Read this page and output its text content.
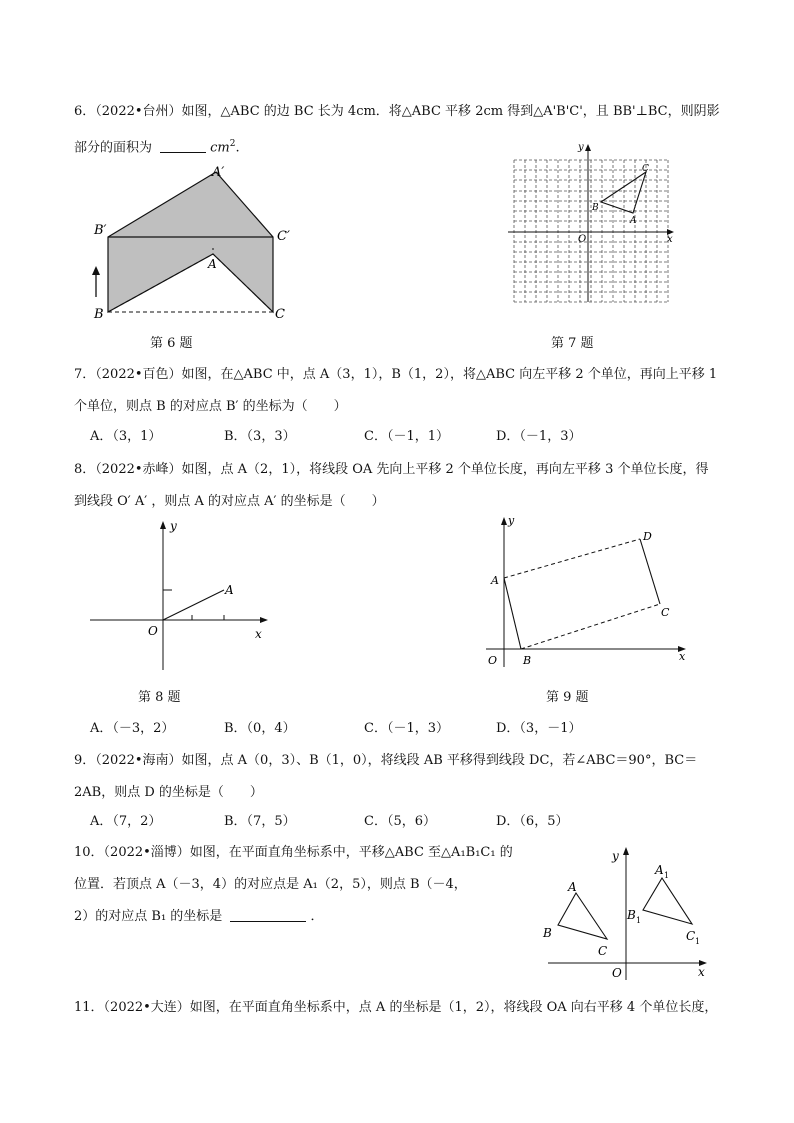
6．（2022•台州）如图，△ABC 的边 BC 长为 4cm．将△ABC 平移 2cm 得到△A'B'C'，且 BB'⊥BC，则阴影
部分的面积为	$cm^2$.
A′
B′	C′
A
B	C
第 6 题
y
x
O
A
B
C
第 7 题
7．（2022•百色）如图，在△ABC 中，点 A（3，1），B（1，2），将△ABC 向左平移 2 个单位，再向上平移 1
个单位，则点 B 的对应点 B′ 的坐标为（　　）
A．（3，1）	B．（3，3）	C．（－1，1）	D．（－1，3）
8．（2022•赤峰）如图，点 A（2，1），将线段 OA 先向上平移 2 个单位长度，再向左平移 3 个单位长度，得
到线段 O′ A′ ，则点 A 的对应点 A′ 的坐标是（　　）
y
x
O
A
第 8 题
y
x
O
A
B
C
D
第 9 题
A．（－3，2）	B．（0，4）	C．（－1，3）	D．（3，－1）
9．（2022•海南）如图，点 A（0，3）、B（1，0），将线段 AB 平移得到线段 DC，若∠ABC＝90°，BC＝
2AB，则点 D 的坐标是（　　）
A．（7，2）	B．（7，5）	C．（5，6）	D．（6，5）
10．（2022•淄博）如图，在平面直角坐标系中，平移△ABC 至△A₁B₁C₁ 的
位置．若顶点 A（－3，4）的对应点是 A₁（2，5），则点 B（－4，
2）的对应点 B₁ 的坐标是	．
y
x
O
A
B
C
A 1
B 1
C 1
11．（2022•大连）如图，在平面直角坐标系中，点 A 的坐标是（1，2），将线段 OA 向右平移 4 个单位长度，
